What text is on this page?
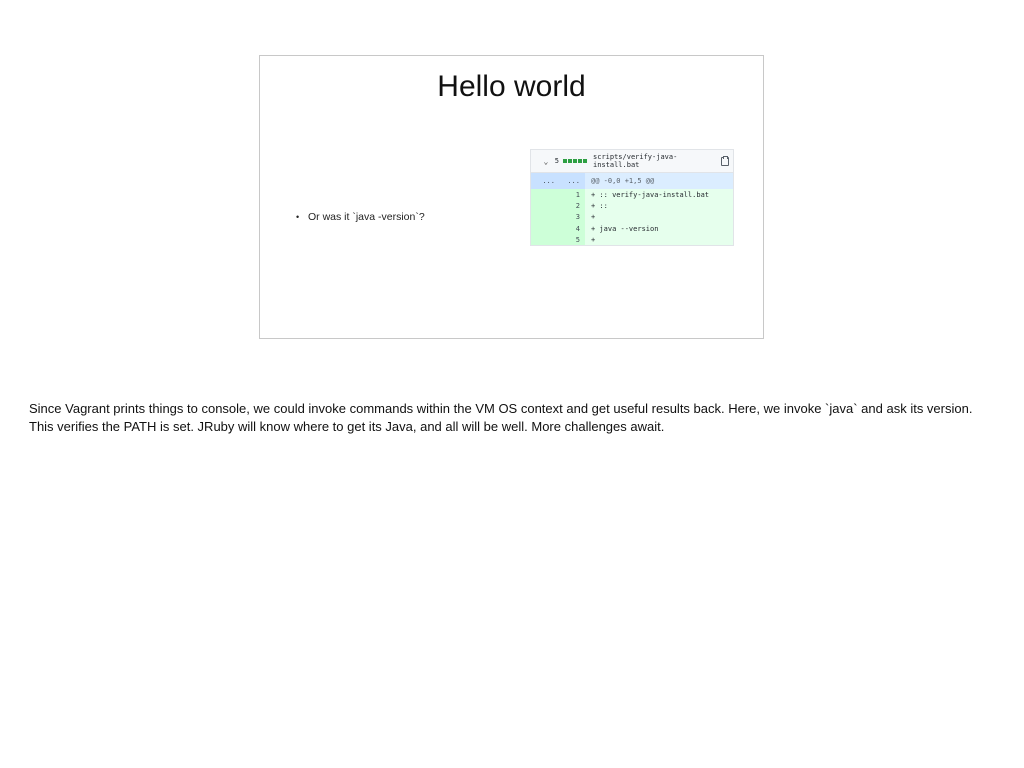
Hello world
• Or was it `java -version`?
⌄ 5	scripts/verify-java-install.bat
...	...	@@ -0,0 +1,5 @@
1	+ :: verify-java-install.bat
2	+ ::
3	+
4	+ java --version
5	+

Since Vagrant prints things to console, we could invoke commands within the VM OS context and get useful results back. Here, we invoke `java` and ask its version. This verifies the PATH is set. JRuby will know where to get its Java, and all will be well. More challenges await.
